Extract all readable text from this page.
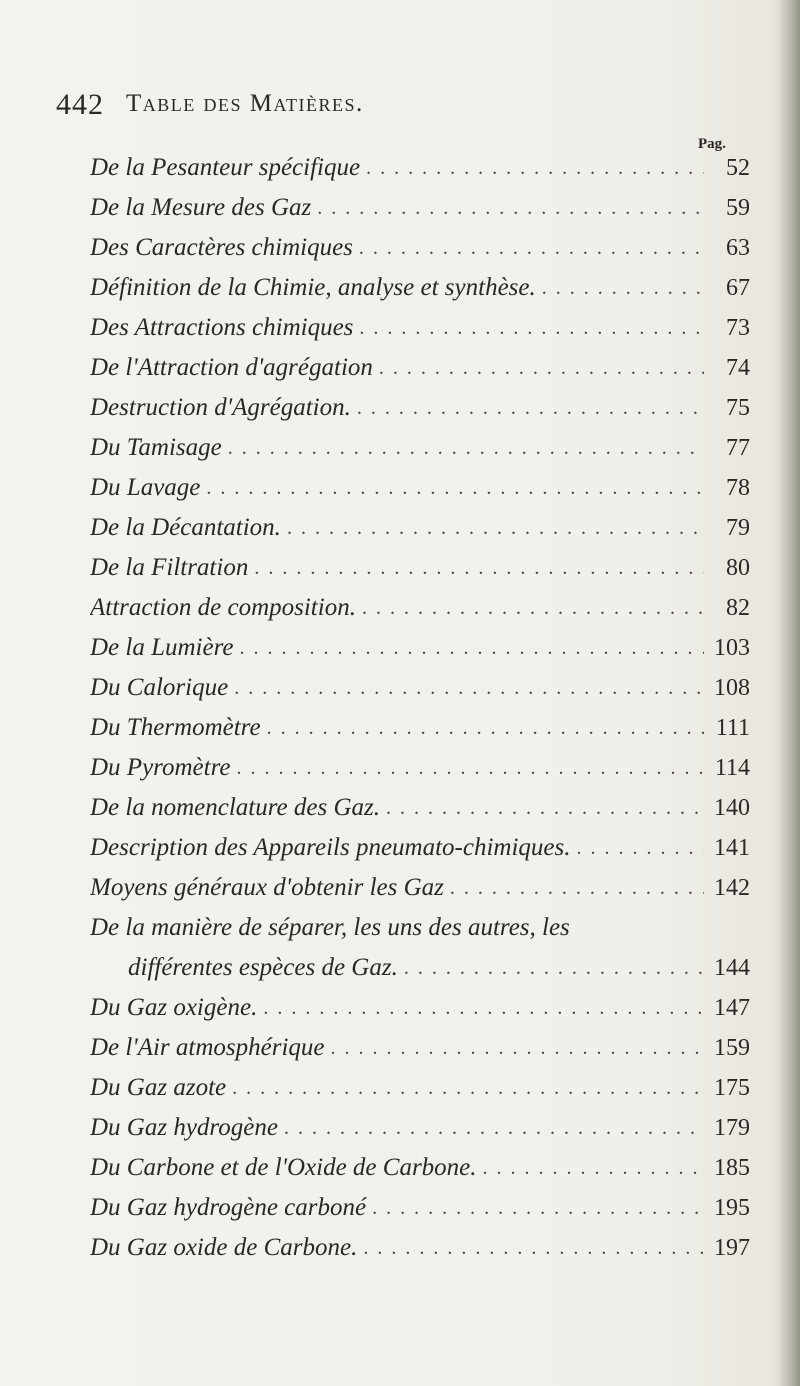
442 Table des Matières.
Pag.
De la Pesanteur spécifique . . .	52
De la Mesure des Gaz . . .	59
Des Caractères chimiques . . .	63
Définition de la Chimie, analyse et synthèse. . . .	67
Des Attractions chimiques . . .	73
De l'Attraction d'agrégation . . .	74
Destruction d'Agrégation. . . .	75
Du Tamisage . . .	77
Du Lavage . . .	78
De la Décantation. . . .	79
De la Filtration . . .	80
Attraction de composition. . . .	82
De la Lumière . . .	103
Du Calorique . . .	108
Du Thermomètre . . .	111
Du Pyromètre . . .	114
De la nomenclature des Gaz. . . .	140
Description des Appareils pneumato-chimiques. . . .	141
Moyens généraux d'obtenir les Gaz . . .	142
De la manière de séparer, les uns des autres, les
différentes espèces de Gaz. . . .	144
Du Gaz oxigène. . . .	147
De l'Air atmosphérique . . .	159
Du Gaz azote . . .	175
Du Gaz hydrogène . . .	179
Du Carbone et de l'Oxide de Carbone. . . .	185
Du Gaz hydrogène carboné . . .	195
Du Gaz oxide de Carbone. . . .	197
